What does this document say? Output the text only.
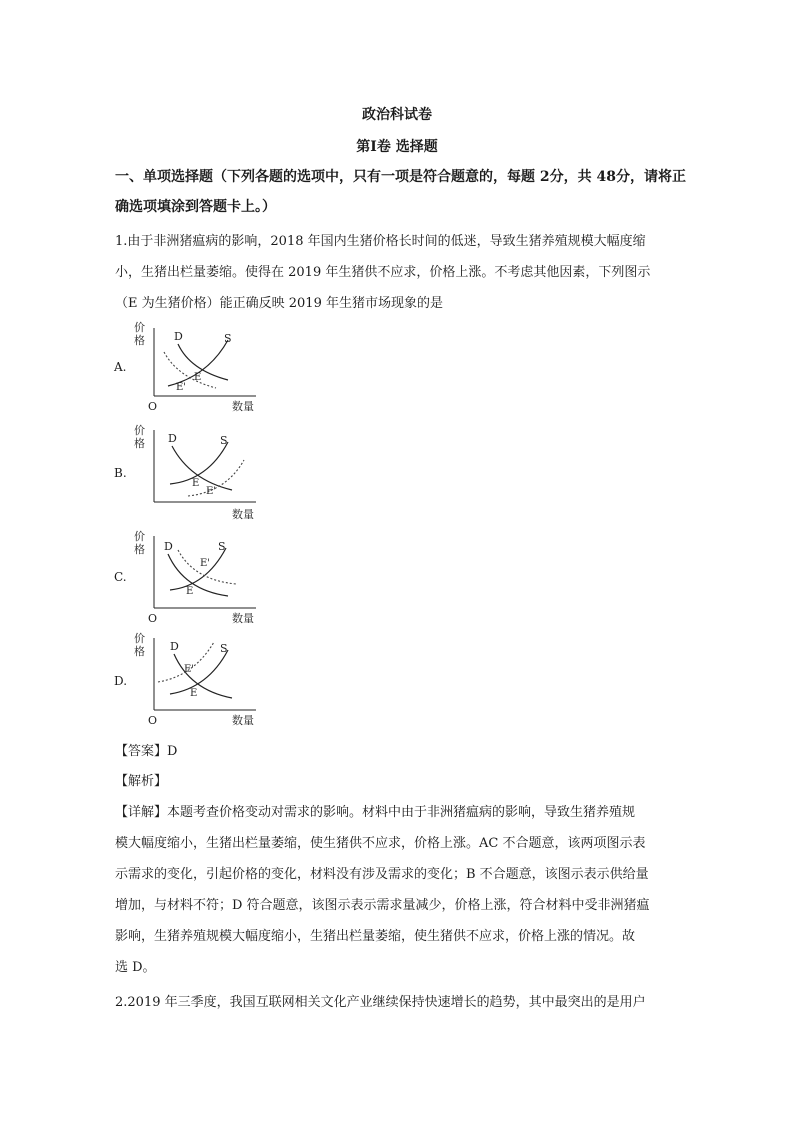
政治科试卷
第Ⅰ卷 选择题
一、单项选择题（下列各题的选项中，只有一项是符合题意的，每题 2分，共 48分，请将正
确选项填涂到答题卡上。）
1.由于非洲猪瘟病的影响，2018 年国内生猪价格长时间的低迷，导致生猪养殖规模大幅度缩
小，生猪出栏量萎缩。使得在 2019 年生猪供不应求，价格上涨。不考虑其他因素，下列图示
（E 为生猪价格）能正确反映 2019 年生猪市场现象的是
A.
价
格
O	数量
D	S
E
E'
B.
价
格
数量
D	S
E
E'
C.
价
格
O	数量
D	S
E
E'
D.
价
格
O	数量
D	S
E
E'
【答案】D
【解析】
【详解】本题考查价格变动对需求的影响。材料中由于非洲猪瘟病的影响，导致生猪养殖规
模大幅度缩小，生猪出栏量萎缩，使生猪供不应求，价格上涨。AC 不合题意，该两项图示表
示需求的变化，引起价格的变化，材料没有涉及需求的变化；B 不合题意，该图示表示供给量
增加，与材料不符；D 符合题意，该图示表示需求量减少，价格上涨，符合材料中受非洲猪瘟
影响，生猪养殖规模大幅度缩小，生猪出栏量萎缩，使生猪供不应求，价格上涨的情况。故
选 D。
2.2019 年三季度，我国互联网相关文化产业继续保持快速增长的趋势，其中最突出的是用户
